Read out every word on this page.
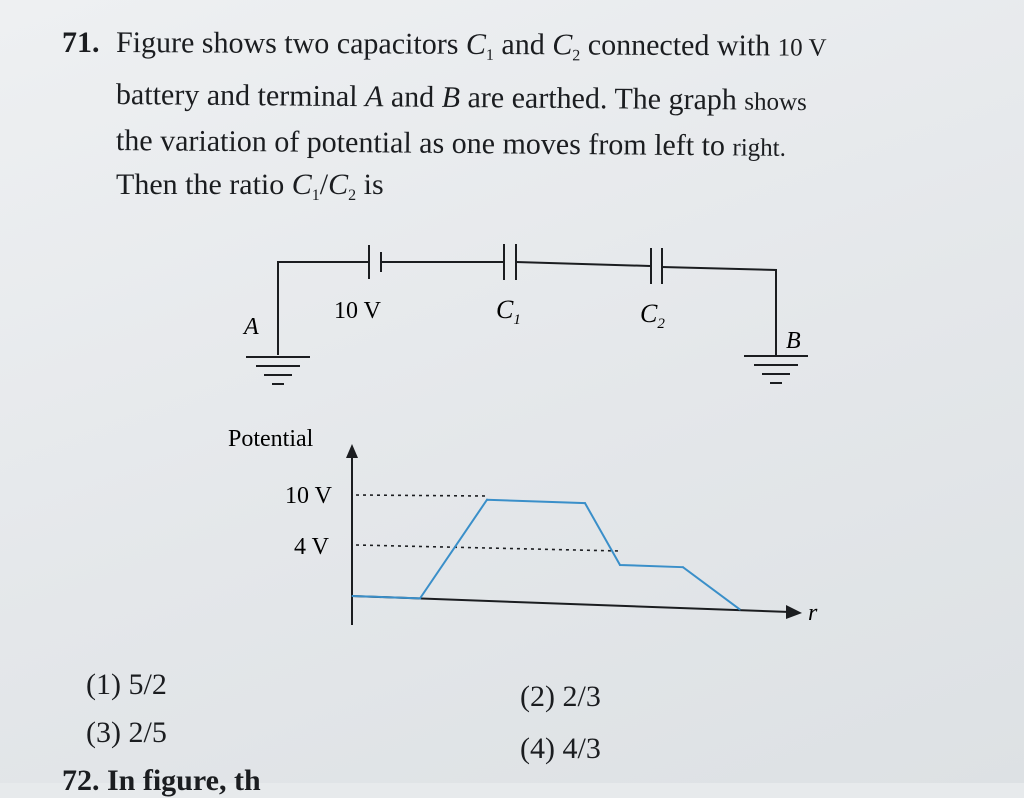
71. Figure shows two capacitors $C_1$ and $C_2$ connected with 10 V
battery and terminal A and B are earthed. The graph shows
the variation of potential as one moves from left to right.
Then the ratio $C_1/C_2$ is
10 V	$C_1$	$C_2$
A
B
Potential
r
10 V
4 V
(1) 5/2	(2) 2/3
(3) 2/5	(4) 4/3
72. In figure, th
